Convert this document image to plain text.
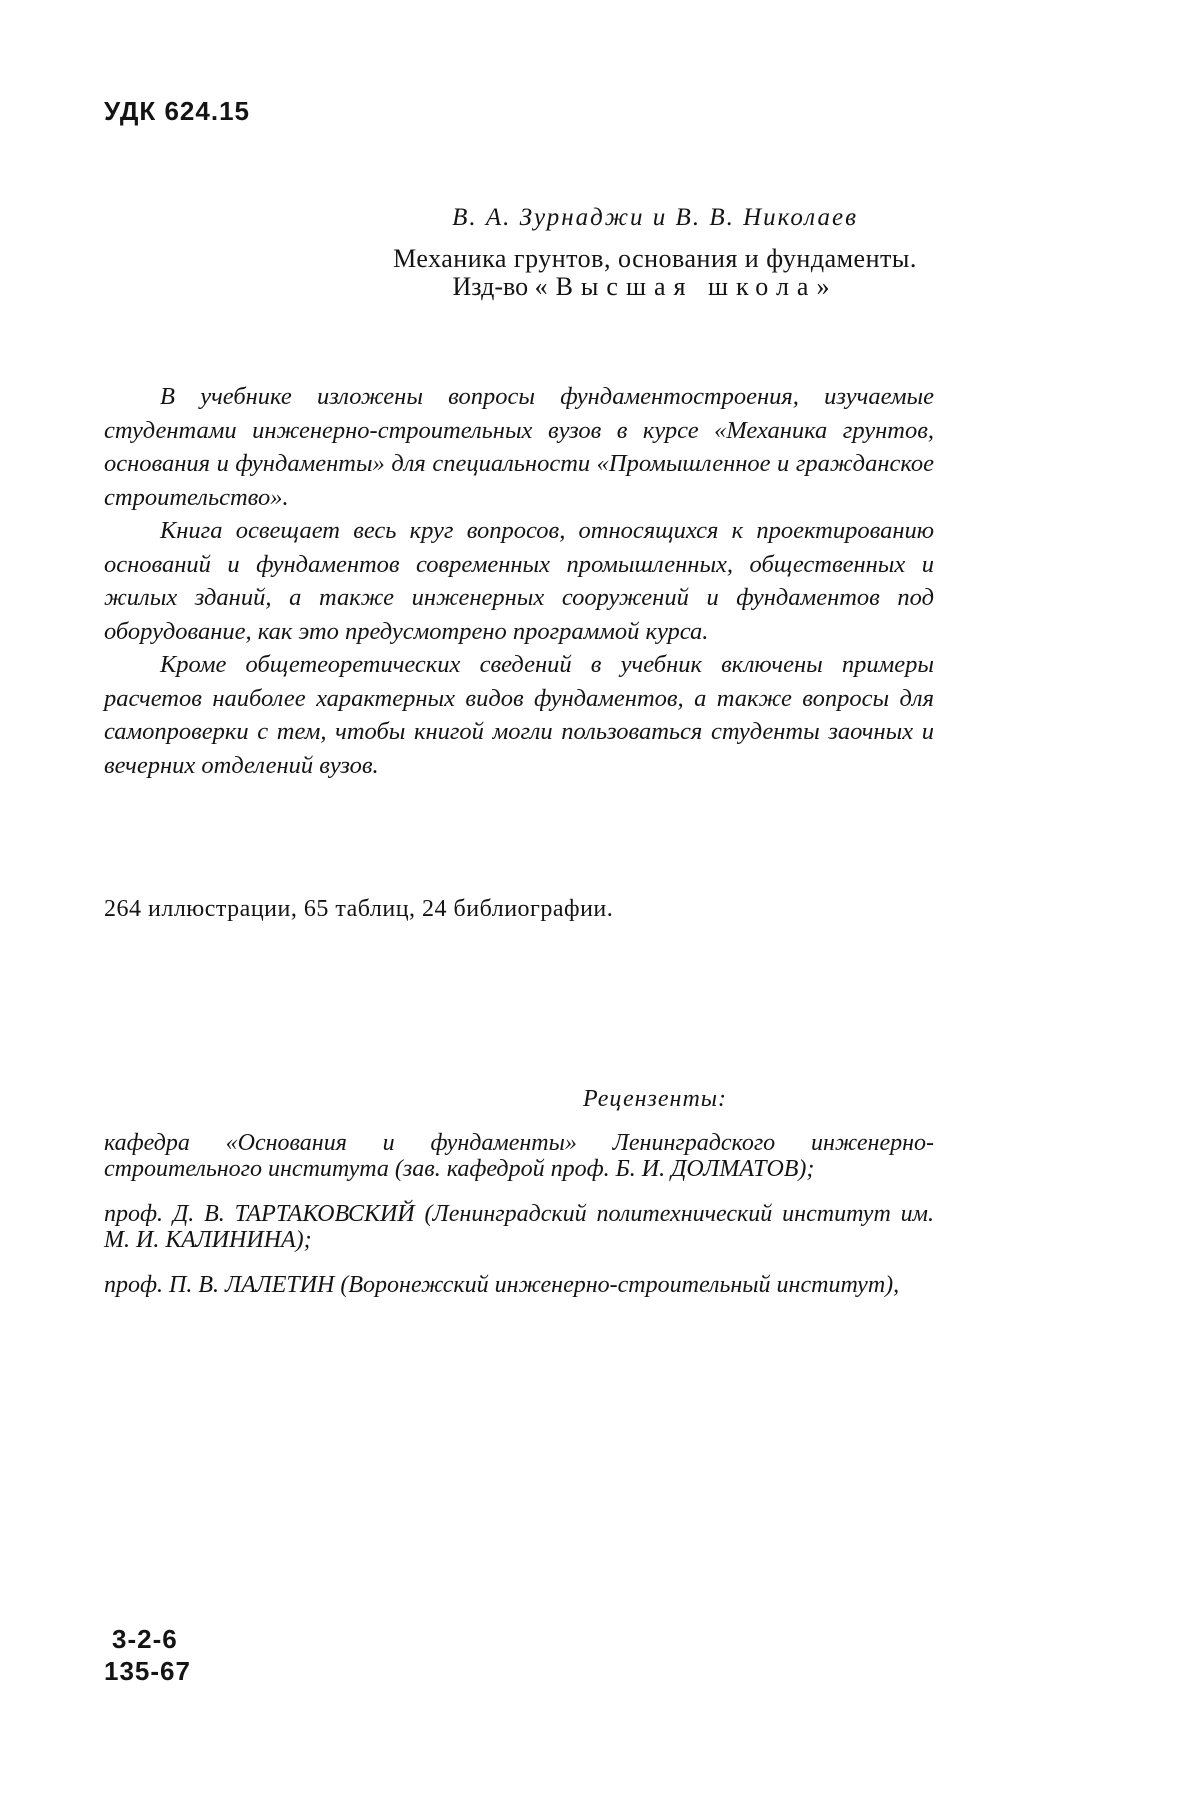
УДК 624.15
В. А. Зурнаджи и В. В. Николаев
Механика грунтов, основания и фундаменты.
Изд-во «Высшая школа»

В учебнике изложены вопросы фундаментостроения, изучаемые студентами инженерно-строительных вузов в курсе «Механика грунтов, основания и фундаменты» для специальности «Промышленное и гражданское строительство».

Книга освещает весь круг вопросов, относящихся к проектированию оснований и фундаментов современных промышленных, общественных и жилых зданий, а также инженерных сооружений и фундаментов под оборудование, как это предусмотрено программой курса.

Кроме общетеоретических сведений в учебник включены примеры расчетов наиболее характерных видов фундаментов, а также вопросы для самопроверки с тем, чтобы книгой могли пользоваться студенты заочных и вечерних отделений вузов.

264 иллюстрации, 65 таблиц, 24 библиографии.
Рецензенты:
кафедра «Основания и фундаменты» Ленинградского инженерно-строительного института (зав. кафедрой проф. Б. И. ДОЛМАТОВ);
проф. Д. В. ТАРТАКОВСКИЙ (Ленинградский политехнический институт им. М. И. КАЛИНИНА);
проф. П. В. ЛАЛЕТИН (Воронежский инженерно-строительный институт),
3-2-6
135-67
